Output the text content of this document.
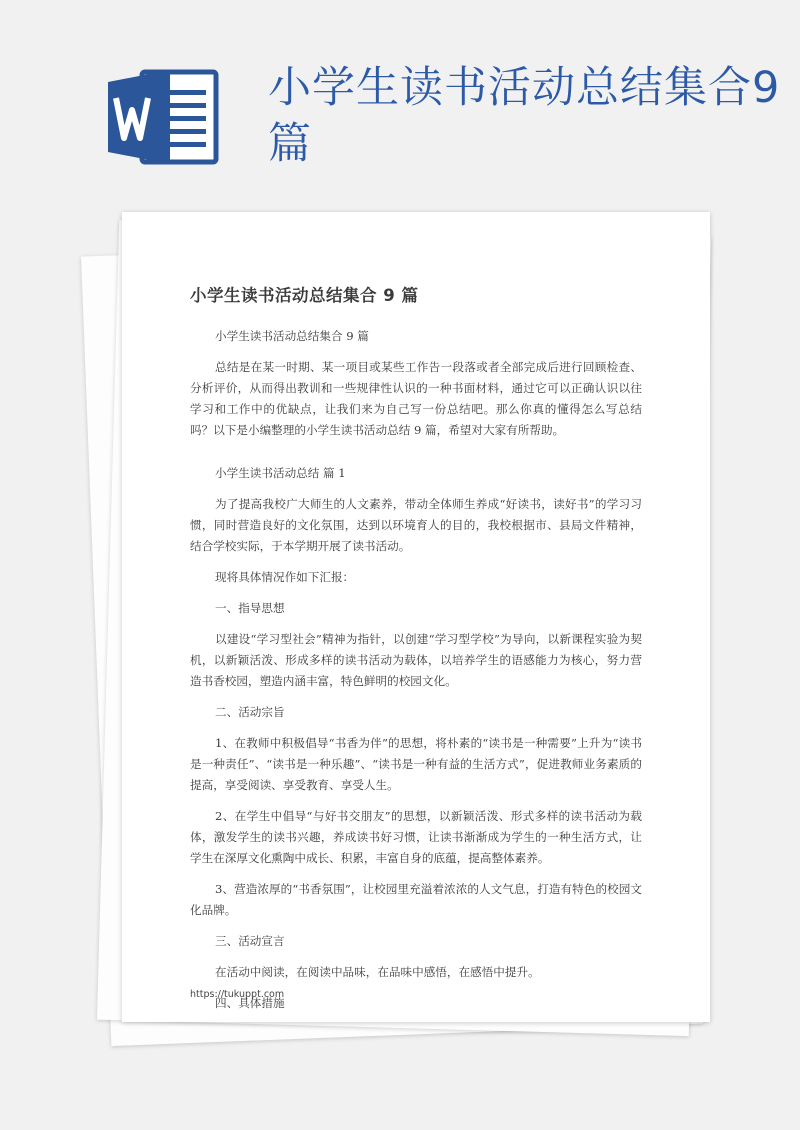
小学生读书活动总结集合9篇
小学生读书活动总结集合 9 篇

小学生读书活动总结集合 9 篇

总结是在某一时期、某一项目或某些工作告一段落或者全部完成后进行回顾检查、分析评价，从而得出教训和一些规律性认识的一种书面材料，通过它可以正确认识以往学习和工作中的优缺点，让我们来为自己写一份总结吧。那么你真的懂得怎么写总结吗？以下是小编整理的小学生读书活动总结 9 篇，希望对大家有所帮助。

小学生读书活动总结 篇 1

为了提高我校广大师生的人文素养，带动全体师生养成“好读书，读好书”的学习习惯，同时营造良好的文化氛围，达到以环境育人的目的，我校根据市、县局文件精神，结合学校实际，于本学期开展了读书活动。

现将具体情况作如下汇报：

一、指导思想

以建设“学习型社会”精神为指针，以创建“学习型学校”为导向，以新课程实验为契机，以新颖活泼、形成多样的读书活动为载体，以培养学生的语感能力为核心，努力营造书香校园，塑造内涵丰富，特色鲜明的校园文化。

二、活动宗旨

1、在教师中积极倡导“书香为伴”的思想，将朴素的“读书是一种需要”上升为“读书是一种责任”、“读书是一种乐趣”、“读书是一种有益的生活方式”，促进教师业务素质的提高，享受阅读、享受教育、享受人生。

2、在学生中倡导“与好书交朋友”的思想，以新颖活泼、形式多样的读书活动为载体，激发学生的读书兴趣，养成读书好习惯，让读书渐渐成为学生的一种生活方式，让学生在深厚文化熏陶中成长、积累，丰富自身的底蕴，提高整体素养。

3、营造浓厚的“书香氛围”，让校园里充溢着浓浓的人文气息，打造有特色的校园文化品牌。

三、活动宣言

在活动中阅读，在阅读中品味，在品味中感悟，在感悟中提升。

四、具体措施

https://tukuppt.com
